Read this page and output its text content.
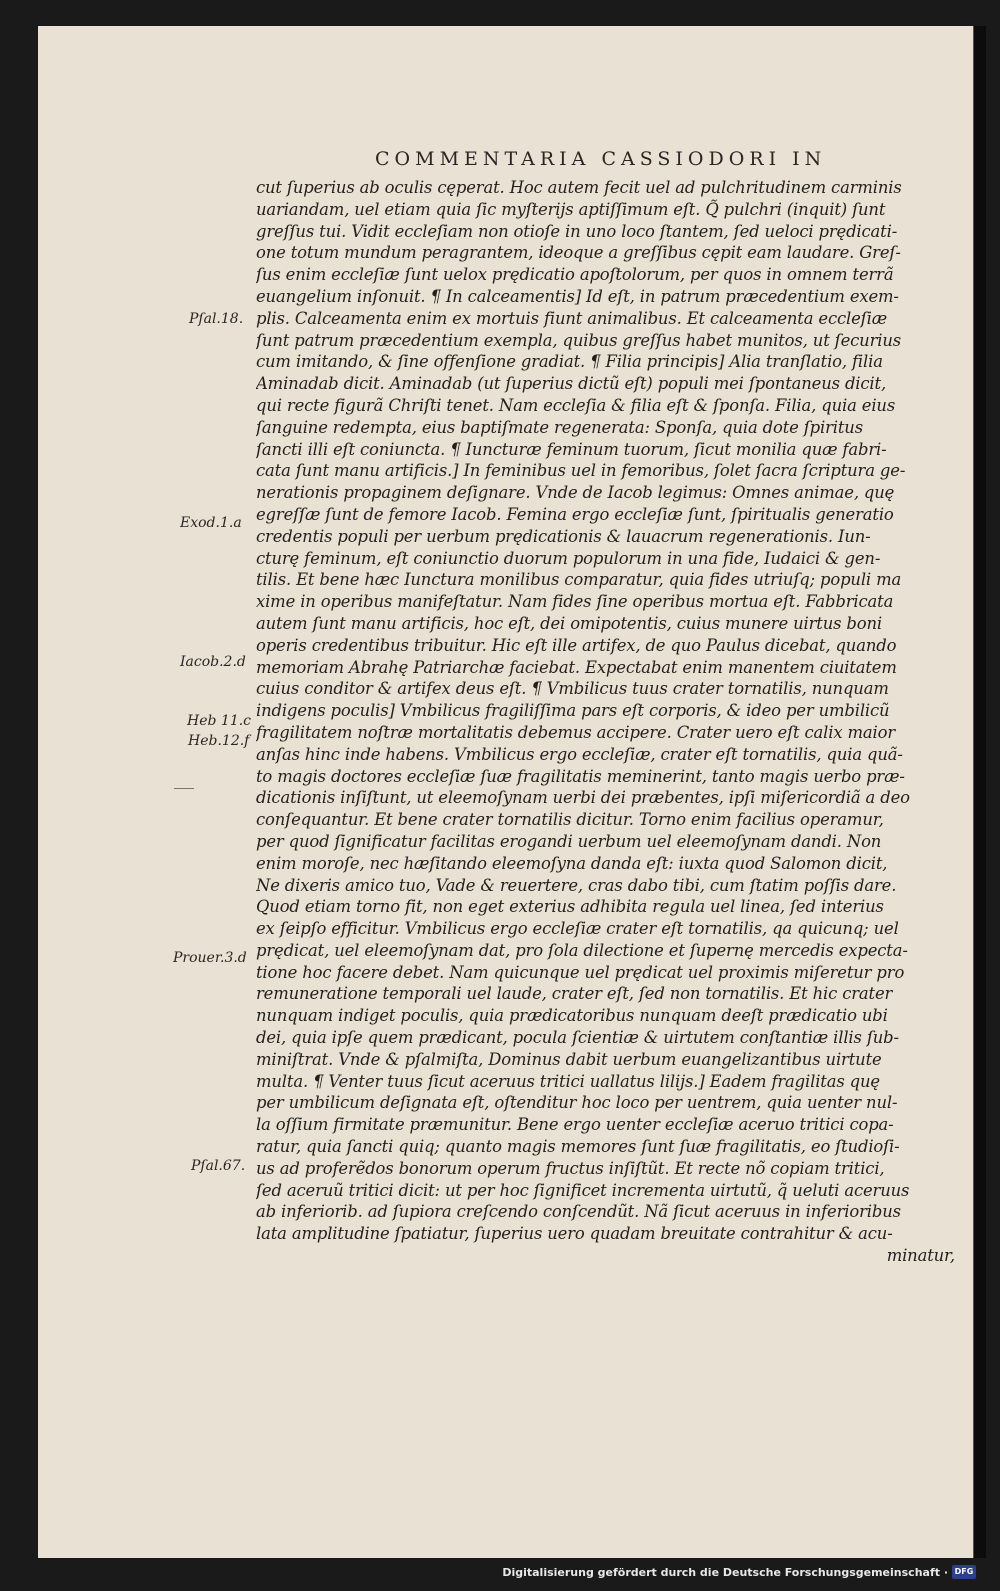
COMMENTARIA CASSIODORI IN
cut ſuperius ab oculis cęperat. Hoc autem fecit uel ad pulchritudinem carminis
uariandam, uel etiam quia ſic myſterijs aptiſſimum eſt. Q̃ pulchri (inquit) ſunt
greſſus tui. Vidit eccleſiam non otioſe in uno loco ſtantem, ſed ueloci prędicati-
one totum mundum peragrantem, ideoque a greſſibus cępit eam laudare. Greſ-
ſus enim eccleſiæ ſunt uelox prędicatio apoſtolorum, per quos in omnem terrã
euangelium inſonuit. ¶ In calceamentis] Id eſt, in patrum præcedentium exem-
plis. Calceamenta enim ex mortuis fiunt animalibus. Et calceamenta eccleſiæ
ſunt patrum præcedentium exempla, quibus greſſus habet munitos, ut ſecurius
cum imitando, & ſine offenſione gradiat. ¶ Filia principis] Alia tranſlatio, filia
Aminadab dicit. Aminadab (ut ſuperius dictũ eſt) populi mei ſpontaneus dicit,
qui recte figurã Chriſti tenet. Nam eccleſia & filia eſt & ſponſa. Filia, quia eius
ſanguine redempta, eius baptiſmate regenerata: Sponſa, quia dote ſpiritus
ſancti illi eſt coniuncta. ¶ Iuncturæ feminum tuorum, ſicut monilia quæ fabri-
cata ſunt manu artificis.] In feminibus uel in femoribus, ſolet ſacra ſcriptura ge-
nerationis propaginem deſignare. Vnde de Iacob legimus: Omnes animae, quę
egreſſæ ſunt de femore Iacob. Femina ergo eccleſiæ ſunt, ſpiritualis generatio
credentis populi per uerbum prędicationis & lauacrum regenerationis. Iun-
cturę feminum, eſt coniunctio duorum populorum in una fide, Iudaici & gen-
tilis. Et bene hæc Iunctura monilibus comparatur, quia fides utriuſq; populi ma
xime in operibus manifeſtatur. Nam fides ſine operibus mortua eſt. Fabbricata
autem ſunt manu artificis, hoc eſt, dei omipotentis, cuius munere uirtus boni
operis credentibus tribuitur. Hic eſt ille artifex, de quo Paulus dicebat, quando
memoriam Abrahę Patriarchæ faciebat. Expectabat enim manentem ciuitatem
cuius conditor & artifex deus eſt. ¶ Vmbilicus tuus crater tornatilis, nunquam
indigens poculis] Vmbilicus fragiliſſima pars eſt corporis, & ideo per umbilicũ
fragilitatem noſtræ mortalitatis debemus accipere. Crater uero eſt calix maior
anſas hinc inde habens. Vmbilicus ergo eccleſiæ, crater eſt tornatilis, quia quã-
to magis doctores eccleſiæ ſuæ fragilitatis meminerint, tanto magis uerbo præ-
dicationis inſiſtunt, ut eleemoſynam uerbi dei præbentes, ipſi miſericordiã a deo
conſequantur. Et bene crater tornatilis dicitur. Torno enim facilius operamur,
per quod ſignificatur facilitas erogandi uerbum uel eleemoſynam dandi. Non
enim moroſe, nec hæſitando eleemoſyna danda eſt: iuxta quod Salomon dicit,
Ne dixeris amico tuo, Vade & reuertere, cras dabo tibi, cum ſtatim poſſis dare.
Quod etiam torno fit, non eget exterius adhibita regula uel linea, ſed interius
ex ſeipſo efficitur. Vmbilicus ergo eccleſiæ crater eſt tornatilis, qa quicunq; uel
prędicat, uel eleemoſynam dat, pro ſola dilectione et ſupernę mercedis expecta-
tione hoc facere debet. Nam quicunque uel prędicat uel proximis miſeretur pro
remuneratione temporali uel laude, crater eſt, ſed non tornatilis. Et hic crater
nunquam indiget poculis, quia prædicatoribus nunquam deeſt prædicatio ubi
dei, quia ipſe quem prædicant, pocula ſcientiæ & uirtutem conſtantiæ illis ſub-
miniſtrat. Vnde & pſalmiſta, Dominus dabit uerbum euangelizantibus uirtute
multa. ¶ Venter tuus ſicut aceruus tritici uallatus lilijs.] Eadem fragilitas quę
per umbilicum deſignata eſt, oſtenditur hoc loco per uentrem, quia uenter nul-
la oſſium firmitate præmunitur. Bene ergo uenter eccleſiæ aceruo tritici copa-
ratur, quia ſancti quiq; quanto magis memores ſunt ſuæ fragilitatis, eo ſtudioſi-
us ad proferẽdos bonorum operum fructus inſiſtũt. Et recte nõ copiam tritici,
ſed aceruũ tritici dicit: ut per hoc ſignificet incrementa uirtutũ, q̃ ueluti aceruus
ab inferiorib. ad ſupiora creſcendo conſcendũt. Nã ſicut aceruus in inferioribus
lata amplitudine ſpatiatur, ſuperius uero quadam breuitate contrahitur & acu-
minatur,
Pſal.18.
Exod.1.a
Iacob.2.d
Heb 11.c
Heb.12.f
Prouer.3.d
Pſal.67.
Digitalisierung gefördert durch die Deutsche Forschungsgemeinschaft · DFG
